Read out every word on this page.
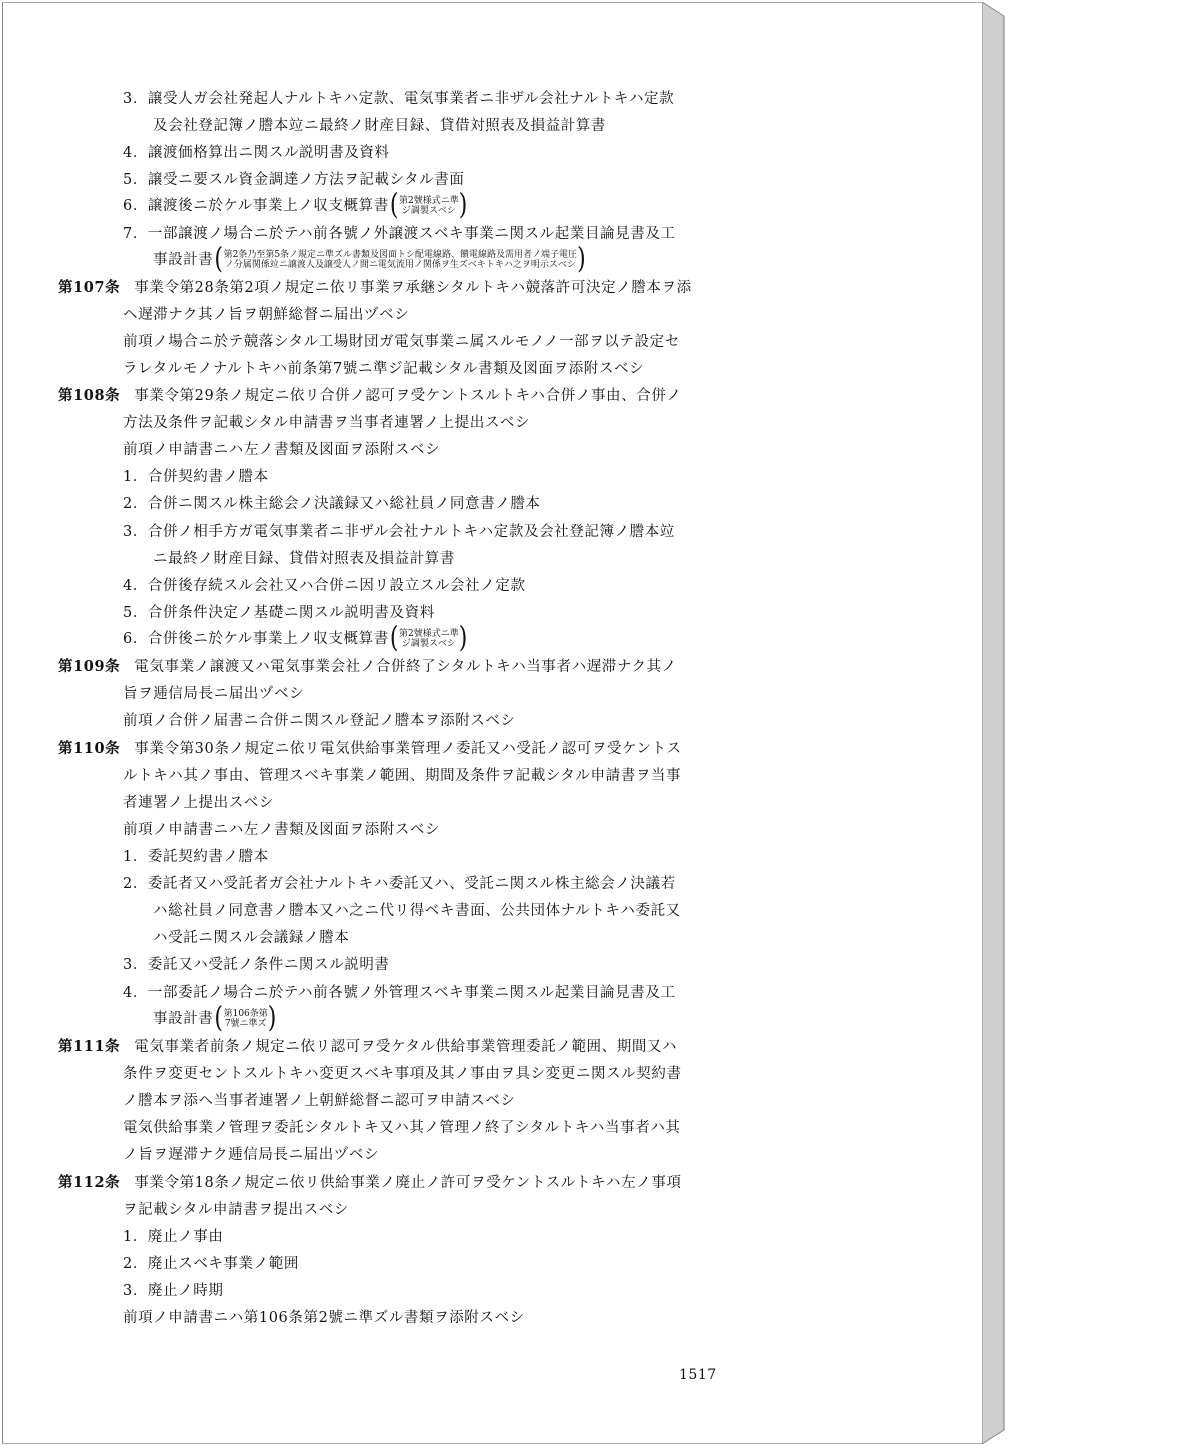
3．譲受人ガ会社発起人ナルトキハ定款、電気事業者ニ非ザル会社ナルトキハ定款
及会社登記簿ノ謄本竝ニ最終ノ財産目録、貸借対照表及損益計算書
4．譲渡価格算出ニ関スル説明書及資料
5．譲受ニ要スル資金調達ノ方法ヲ記載シタル書面
6．譲渡後ニ於ケル事業上ノ収支概算書 ( 第2號様式ニ準
ジ調製スベシ )
7．一部譲渡ノ場合ニ於テハ前各號ノ外譲渡スベキ事業ニ関スル起業目論見書及工
事設計書 ( 第2条乃至第5条ノ規定ニ準ズル書類及図面トシ配電線路、饋電線路及需用者ノ端子電圧
ノ分属関係竝ニ譲渡人及譲受人ノ間ニ電気流用ノ関係ヲ生ズベキトキハ之ヲ明示スベシ )
第107条 事業令第28条第2項ノ規定ニ依リ事業ヲ承継シタルトキハ競落許可決定ノ謄本ヲ添
ヘ遅滞ナク其ノ旨ヲ朝鮮総督ニ届出ヅベシ
前項ノ場合ニ於テ競落シタル工場財団ガ電気事業ニ属スルモノノ一部ヲ以テ設定セ
ラレタルモノナルトキハ前条第7號ニ準ジ記載シタル書類及図面ヲ添附スベシ
第108条 事業令第29条ノ規定ニ依リ合併ノ認可ヲ受ケントスルトキハ合併ノ事由、合併ノ
方法及条件ヲ記載シタル申請書ヲ当事者連署ノ上提出スベシ
前項ノ申請書ニハ左ノ書類及図面ヲ添附スベシ
1．合併契約書ノ謄本
2．合併ニ関スル株主総会ノ決議録又ハ総社員ノ同意書ノ謄本
3．合併ノ相手方ガ電気事業者ニ非ザル会社ナルトキハ定款及会社登記簿ノ謄本竝
ニ最終ノ財産目録、貸借対照表及損益計算書
4．合併後存続スル会社又ハ合併ニ因リ設立スル会社ノ定款
5．合併条件決定ノ基礎ニ関スル説明書及資料
6．合併後ニ於ケル事業上ノ収支概算書 ( 第2號様式ニ準
ジ調製スベシ )
第109条 電気事業ノ譲渡又ハ電気事業会社ノ合併終了シタルトキハ当事者ハ遅滞ナク其ノ
旨ヲ逓信局長ニ届出ヅベシ
前項ノ合併ノ届書ニ合併ニ関スル登記ノ謄本ヲ添附スベシ
第110条 事業令第30条ノ規定ニ依リ電気供給事業管理ノ委託又ハ受託ノ認可ヲ受ケントス
ルトキハ其ノ事由、管理スベキ事業ノ範囲、期間及条件ヲ記載シタル申請書ヲ当事
者連署ノ上提出スベシ
前項ノ申請書ニハ左ノ書類及図面ヲ添附スベシ
1．委託契約書ノ謄本
2．委託者又ハ受託者ガ会社ナルトキハ委託又ハ、受託ニ関スル株主総会ノ決議若
ハ総社員ノ同意書ノ謄本又ハ之ニ代リ得ベキ書面、公共団体ナルトキハ委託又
ハ受託ニ関スル会議録ノ謄本
3．委託又ハ受託ノ条件ニ関スル説明書
4．一部委託ノ場合ニ於テハ前各號ノ外管理スベキ事業ニ関スル起業目論見書及工
事設計書 ( 第106条第
7號ニ準ズ )
第111条 電気事業者前条ノ規定ニ依リ認可ヲ受ケタル供給事業管理委託ノ範囲、期間又ハ
条件ヲ変更セントスルトキハ変更スベキ事項及其ノ事由ヲ具シ変更ニ関スル契約書
ノ謄本ヲ添ヘ当事者連署ノ上朝鮮総督ニ認可ヲ申請スベシ
電気供給事業ノ管理ヲ委託シタルトキ又ハ其ノ管理ノ終了シタルトキハ当事者ハ其
ノ旨ヲ遅滞ナク逓信局長ニ届出ヅベシ
第112条 事業令第18条ノ規定ニ依リ供給事業ノ廃止ノ許可ヲ受ケントスルトキハ左ノ事項
ヲ記載シタル申請書ヲ提出スベシ
1．廃止ノ事由
2．廃止スベキ事業ノ範囲
3．廃止ノ時期
前項ノ申請書ニハ第106条第2號ニ準ズル書類ヲ添附スベシ
1517
